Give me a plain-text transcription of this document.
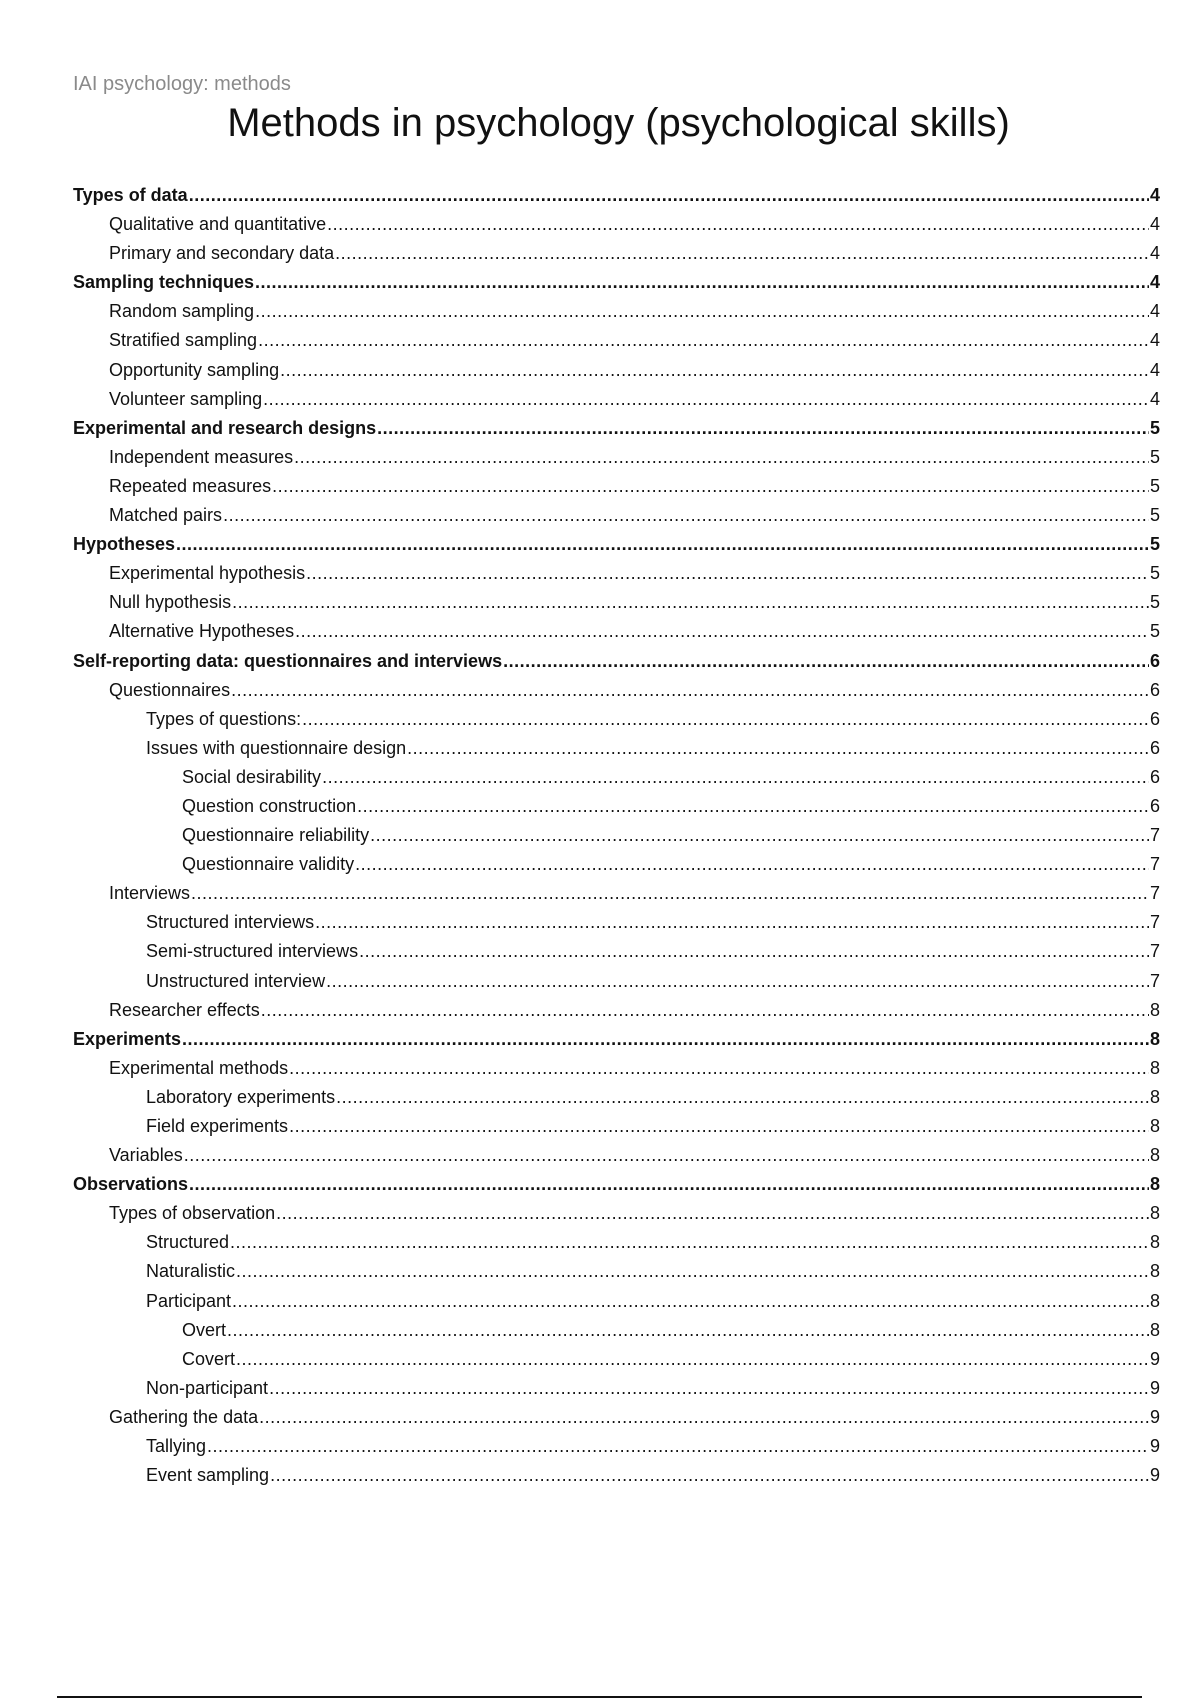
IAI psychology: methods
Methods in psychology (psychological skills)
Types of data .....	4
Qualitative and quantitative .....	4
Primary and secondary data .....	4
Sampling techniques .....	4
Random sampling .....	4
Stratified sampling .....	4
Opportunity sampling .....	4
Volunteer sampling .....	4
Experimental and research designs .....	5
Independent measures .....	5
Repeated measures .....	5
Matched pairs .....	5
Hypotheses .....	5
Experimental hypothesis .....	5
Null hypothesis .....	5
Alternative Hypotheses .....	5
Self-reporting data: questionnaires and interviews .....	6
Questionnaires .....	6
Types of questions: .....	6
Issues with questionnaire design .....	6
Social desirability .....	6
Question construction .....	6
Questionnaire reliability .....	7
Questionnaire validity .....	7
Interviews .....	7
Structured interviews .....	7
Semi-structured interviews .....	7
Unstructured interview .....	7
Researcher effects .....	8
Experiments .....	8
Experimental methods .....	8
Laboratory experiments .....	8
Field experiments .....	8
Variables .....	8
Observations .....	8
Types of observation .....	8
Structured .....	8
Naturalistic .....	8
Participant .....	8
Overt .....	8
Covert .....	9
Non-participant .....	9
Gathering the data .....	9
Tallying .....	9
Event sampling .....	9
